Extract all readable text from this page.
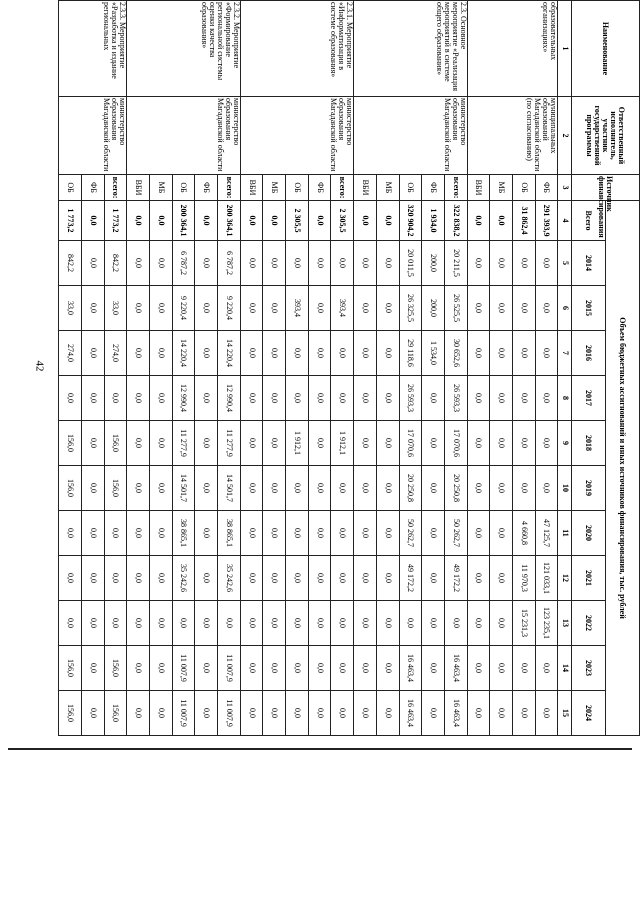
42
Наименование	Ответственный исполнитель, участник государственной программы	Источник финансирования	Объем бюджетных ассигнований и иных источников финансирования, тыс. рублей											
			Всего	2014	2015	2016	2017	2018	2019	2020	2021	2022	2023	2024
1	2	3	4	5	6	7	8	9	10	11	12	13	14	15
образовательных организациях»	муниципальных образований Магаданской области (по согласованию)	ФБ	291 393,9	0,0	0,0	0,0	0,0	0,0	0,0	47 125,7	121 033,1	123 235,1	0,0	0,0
		ОБ	31 862,4	0,0	0,0	0,0	0,0	0,0	0,0	4 660,8	11 970,3	15 231,3	0,0	0,0
		МБ	0,0	0,0	0,0	0,0	0,0	0,0	0,0	0,0	0,0	0,0	0,0	0,0
		ВБИ	0,0	0,0	0,0	0,0	0,0	0,0	0,0	0,0	0,0	0,0	0,0	0,0
2.3. Основное мероприятие «Реализация мероприятий в системе общего образования»	министерство образования Магаданской области	всего:	322 838,2	20 211,5	26 525,5	30 652,6	26 593,3	17 070,6	20 250,8	50 262,7	49 172,2	0,0	16 463,4	16 463,4
		ФБ	1 934,0	200,0	200,0	1 534,0	0,0	0,0	0,0	0,0	0,0	0,0	0,0	0,0
		ОБ	320 904,2	20 011,5	26 325,5	29 118,6	26 593,3	17 070,6	20 250,8	50 262,7	49 172,2	0,0	16 463,4	16 463,4
		МБ	0,0	0,0	0,0	0,0	0,0	0,0	0,0	0,0	0,0	0,0	0,0	0,0
		ВБИ	0,0	0,0	0,0	0,0	0,0	0,0	0,0	0,0	0,0	0,0	0,0	0,0
2.3.1. Мероприятие «Информатизация в системе образования»	министерство образования Магаданской области	всего:	2 305,5	0,0	393,4	0,0	0,0	1 912,1	0,0	0,0	0,0	0,0	0,0	0,0
		ФБ	0,0	0,0	0,0	0,0	0,0	0,0	0,0	0,0	0,0	0,0	0,0	0,0
		ОБ	2 305,5	0,0	393,4	0,0	0,0	1 912,1	0,0	0,0	0,0	0,0	0,0	0,0
		МБ	0,0	0,0	0,0	0,0	0,0	0,0	0,0	0,0	0,0	0,0	0,0	0,0
		ВБИ	0,0	0,0	0,0	0,0	0,0	0,0	0,0	0,0	0,0	0,0	0,0	0,0
2.3.2. Мероприятие «Формирование региональной системы оценки качества образования»	министерство образования Магаданской области	всего:	200 364,1	6 787,2	9 220,4	14 220,4	12 990,4	11 277,9	14 501,7	38 865,1	35 242,6	0,0	11 007,9	11 007,9
		ФБ	0,0	0,0	0,0	0,0	0,0	0,0	0,0	0,0	0,0	0,0	0,0	0,0
		ОБ	200 364,1	6 787,2	9 220,4	14 220,4	12 990,4	11 277,9	14 501,7	38 865,1	35 242,6	0,0	11 007,9	11 007,9
		МБ	0,0	0,0	0,0	0,0	0,0	0,0	0,0	0,0	0,0	0,0	0,0	0,0
		ВБИ	0,0	0,0	0,0	0,0	0,0	0,0	0,0	0,0	0,0	0,0	0,0	0,0
2.3.3. Мероприятие «Разработка и издание региональных	министерство образования Магаданской области	всего:	1 773,2	842,2	33,0	274,0	0,0	156,0	156,0	0,0	0,0	0,0	156,0	156,0
		ФБ	0,0	0,0	0,0	0,0	0,0	0,0	0,0	0,0	0,0	0,0	0,0	0,0
		ОБ	1 773,2	842,2	33,0	274,0	0,0	156,0	156,0	0,0	0,0	0,0	156,0	156,0
